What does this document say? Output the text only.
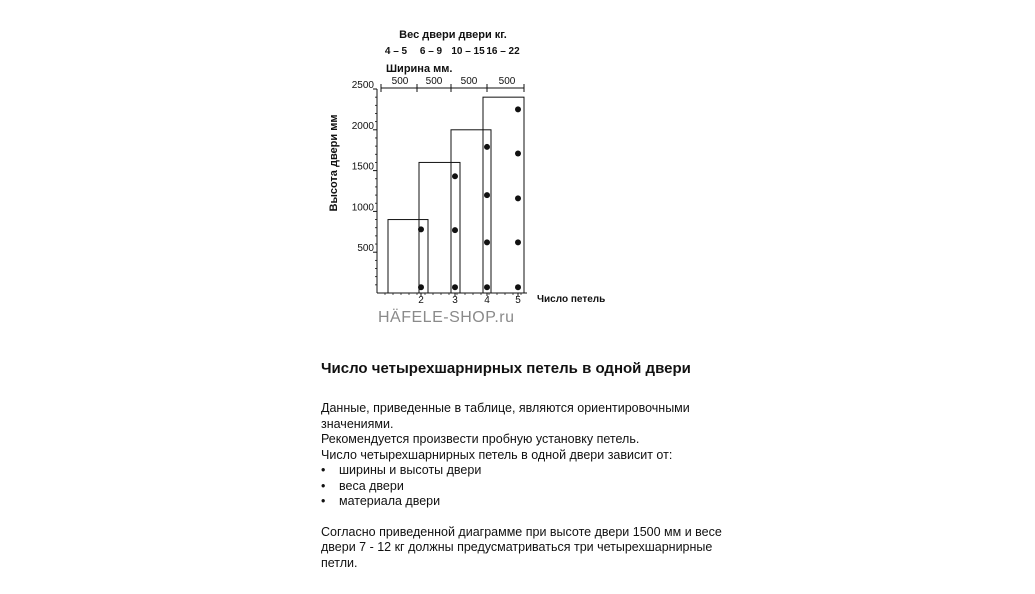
Вес двери двери кг.
4 – 5 6 – 9 10 – 15 16 – 22
Ширина мм.
500 500 500 500
Высота двери мм
500
1000
1500
2000
2500
2	3	4	5 Число петель
HÄFELE-SHOP.ru
Число четырехшарнирных петель в одной двери

Данные, приведенные в таблице, являются ориентировочными значениями.

Рекомендуется произвести пробную установку петель.

Число четырехшарнирных петель в одной двери зависит от:

• ширины и высоты двери
• веса двери
• материала двери

Согласно приведенной диаграмме при высоте двери 1500 мм и весе двери 7 - 12 кг должны предусматриваться три четырехшарнирные петли.
